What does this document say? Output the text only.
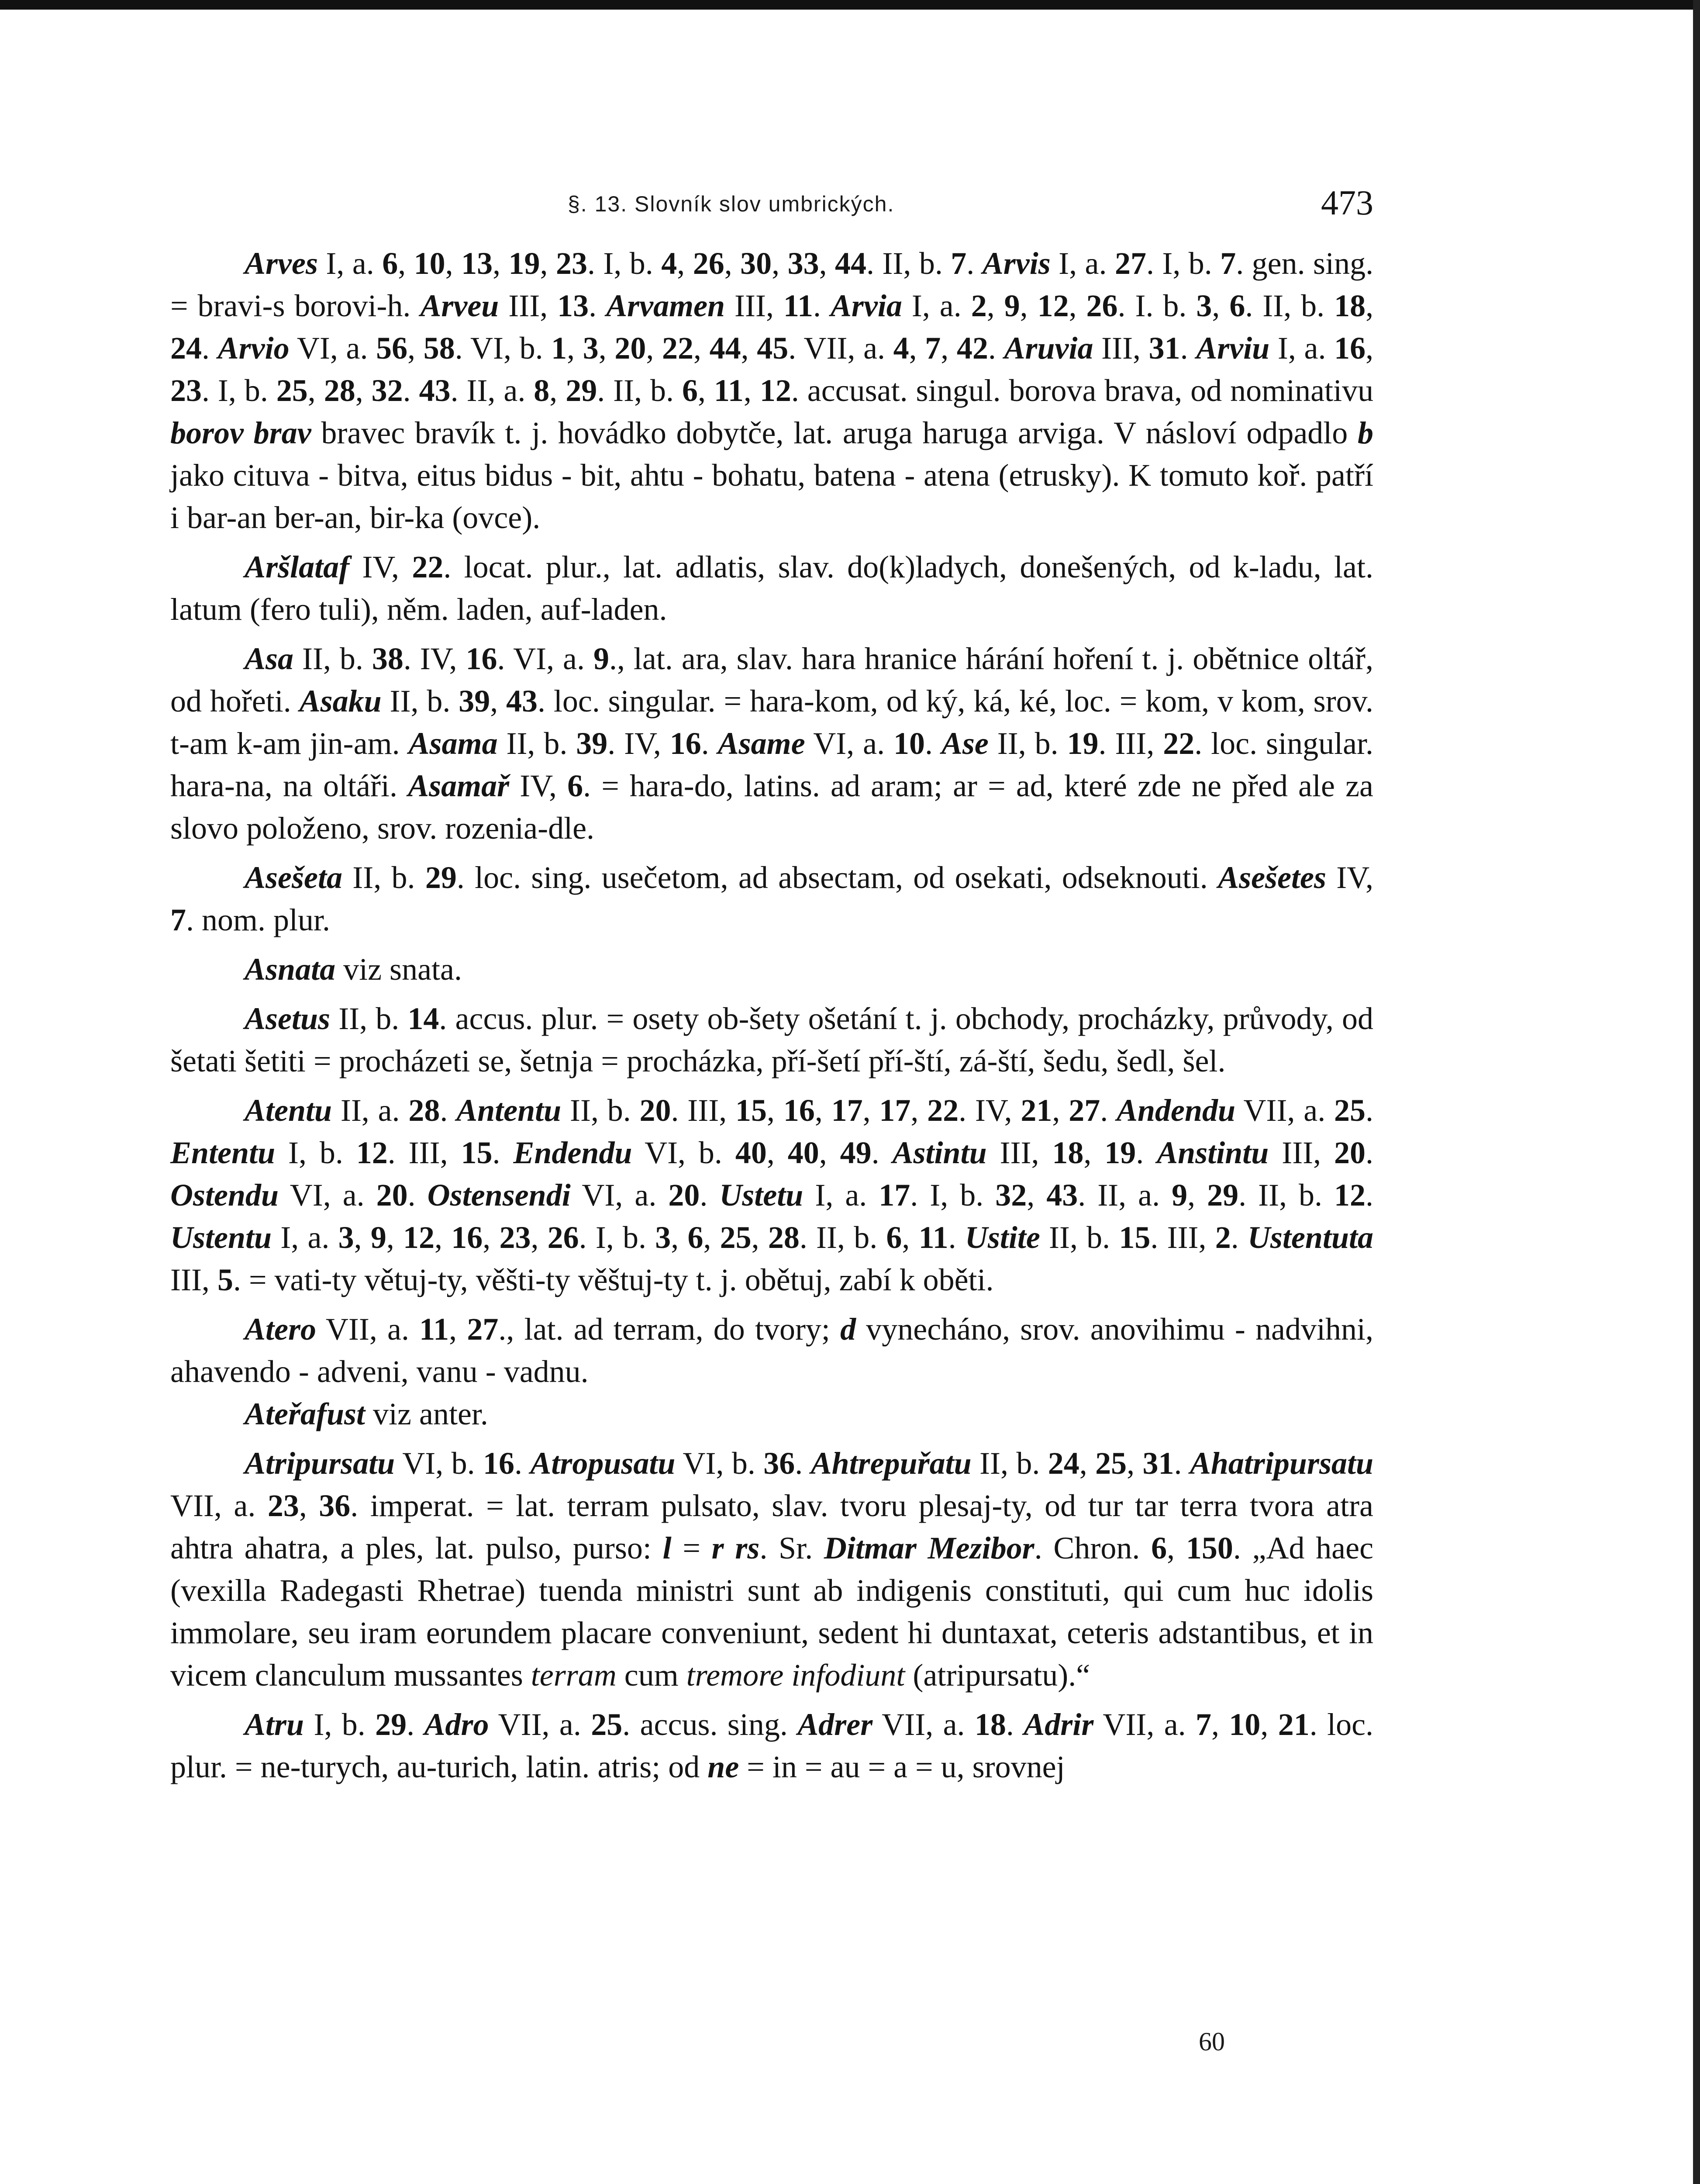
§. 13. Slovník slov umbrických.	473

Arves I, a. 6, 10, 13, 19, 23. I, b. 4, 26, 30, 33, 44. II, b. 7. Arvis I, a. 27. I, b. 7. gen. sing. = bravi-s borovi-h. Arveu III, 13. Arvamen III, 11. Arvia I, a. 2, 9, 12, 26. I. b. 3, 6. II, b. 18, 24. Arvio VI, a. 56, 58. VI, b. 1, 3, 20, 22, 44, 45. VII, a. 4, 7, 42. Aruvia III, 31. Arviu I, a. 16, 23. I, b. 25, 28, 32. 43. II, a. 8, 29. II, b. 6, 11, 12. accusat. singul. borova brava, od nominativu borov brav bravec bravík t. j. hovádko dobytče, lat. aruga haruga arviga. V násloví odpadlo b jako cituva - bitva, eitus bidus - bit, ahtu - bohatu, batena - atena (etrusky). K tomuto koř. patří i bar-an ber-an, bir-ka (ovce).

Aršlataf IV, 22. locat. plur., lat. adlatis, slav. do(k)ladych, donešených, od k-ladu, lat. latum (fero tuli), něm. laden, auf-laden.

Asa II, b. 38. IV, 16. VI, a. 9., lat. ara, slav. hara hranice hárání hoření t. j. obětnice oltář, od hořeti. Asaku II, b. 39, 43. loc. singular. = hara-kom, od ký, ká, ké, loc. = kom, v kom, srov. t-am k-am jin-am. Asama II, b. 39. IV, 16. Asame VI, a. 10. Ase II, b. 19. III, 22. loc. singular. hara-na, na oltáři. Asamař IV, 6. = hara-do, latins. ad aram; ar = ad, které zde ne před ale za slovo položeno, srov. rozenia-dle.

Asešeta II, b. 29. loc. sing. usečetom, ad absectam, od osekati, odseknouti. Asešetes IV, 7. nom. plur.

Asnata viz snata.

Asetus II, b. 14. accus. plur. = osety ob-šety ošetání t. j. obchody, procházky, průvody, od šetati šetiti = procházeti se, šetnja = procházka, pří-šetí pří-ští, zá-ští, šedu, šedl, šel.

Atentu II, a. 28. Antentu II, b. 20. III, 15, 16, 17, 17, 22. IV, 21, 27. Andendu VII, a. 25. Ententu I, b. 12. III, 15. Endendu VI, b. 40, 40, 49. Astintu III, 18, 19. Anstintu III, 20. Ostendu VI, a. 20. Ostensendi VI, a. 20. Ustetu I, a. 17. I, b. 32, 43. II, a. 9, 29. II, b. 12. Ustentu I, a. 3, 9, 12, 16, 23, 26. I, b. 3, 6, 25, 28. II, b. 6, 11. Ustite II, b. 15. III, 2. Ustentuta III, 5. = vati-ty větuj-ty, věšti-ty věštuj-ty t. j. obětuj, zabí k oběti.

Atero VII, a. 11, 27., lat. ad terram, do tvory; d vynecháno, srov. anovihimu - nadvihni, ahavendo - adveni, vanu - vadnu.

Ateřafust viz anter.

Atripursatu VI, b. 16. Atropusatu VI, b. 36. Ahtrepuřatu II, b. 24, 25, 31. Ahatripursatu VII, a. 23, 36. imperat. = lat. terram pulsato, slav. tvoru plesaj-ty, od tur tar terra tvora atra ahtra ahatra, a ples, lat. pulso, purso: l = r rs. Sr. Ditmar Mezibor. Chron. 6, 150. „Ad haec (vexilla Radegasti Rhetrae) tuenda ministri sunt ab indigenis constituti, qui cum huc idolis immolare, seu iram eorundem placare conveniunt, sedent hi duntaxat, ceteris adstantibus, et in vicem clanculum mussantes terram cum tremore infodiunt (atripursatu).“

Atru I, b. 29. Adro VII, a. 25. accus. sing. Adrer VII, a. 18. Adrir VII, a. 7, 10, 21. loc. plur. = ne-turych, au-turich, latin. atris; od ne = in = au = a = u, srovnej

60
